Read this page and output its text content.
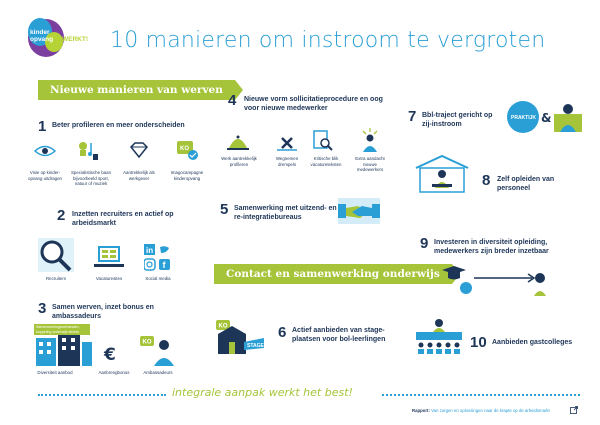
kinder
opvang WERKT! 10 manieren om instroom te vergroten
Nieuwe manieren van werven
1 Beter profileren en meer onderscheiden
KO
Visie op kinder-opvang uitdragen
Specialistische baan bijvoorbeeld sport, natuur of muziek
Aantrekkelijk als werkgever
Imagocampagne kinderopvang
2 Inzetten recruiters en actief op arbeidsmarkt
in
f
Recruiters	Vacaturesites	Social media
3 Samen werven, inzet bonus en ambassadeurs
Samenwerkingsverbanden, koppeling onderwijs kennis
€
KO
Diversiteit aanbod	Aanbrengbonus	Ambassadeurs
4 Nieuwe vorm sollicitatieprocedure en oog voor nieuwe medewerker
Werk aantrekkelijk profileren
Wegnemen drempels
Kritische blik vacatureteksten
Extra aandacht nieuwe medewerkers
5 Samenwerking met uitzend- en re-integratiebureaus
Contact en samenwerking onderwijs
KO
STAGE
6 Actief aanbieden van stage- plaatsen voor bol-leerlingen
7 Bbl-traject gericht op zij-instroom
PRAKTIJK &
8 Zelf opleiden van personeel
9 Investeren in diversiteit opleiding, medewerkers zijn breder inzetbaar
10 Aanbieden gastcolleges
integrale aanpak werkt het best!
Rapport: Van zorgen en oplossingen naar de krapte op de arbeidsmarkt
